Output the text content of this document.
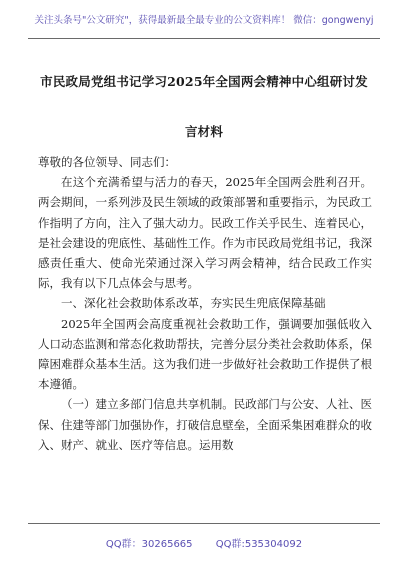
关注头条号"公文研究"，获得最新最全最专业的公文资料库！ 微信：gongwenyj
市民政局党组书记学习2025年全国两会精神中心组研讨发
言材料

尊敬的各位领导、同志们：

在这个充满希望与活力的春天，2025年全国两会胜利召开。两会期间，一系列涉及民生领域的政策部署和重要指示，为民政工作指明了方向，注入了强大动力。民政工作关乎民生、连着民心，是社会建设的兜底性、基础性工作。作为市民政局党组书记，我深感责任重大、使命光荣通过深入学习两会精神，结合民政工作实际，我有以下几点体会与思考。

一、深化社会救助体系改革，夯实民生兜底保障基础

2025年全国两会高度重视社会救助工作，强调要加强低收入人口动态监测和常态化救助帮扶，完善分层分类社会救助体系，保障困难群众基本生活。这为我们进一步做好社会救助工作提供了根本遵循。

（一）建立多部门信息共享机制。民政部门与公安、人社、医保、住建等部门加强协作，打破信息壁垒，全面采集困难群众的收入、财产、就业、医疗等信息。运用数

QQ群：30265665 QQ群:535304092
